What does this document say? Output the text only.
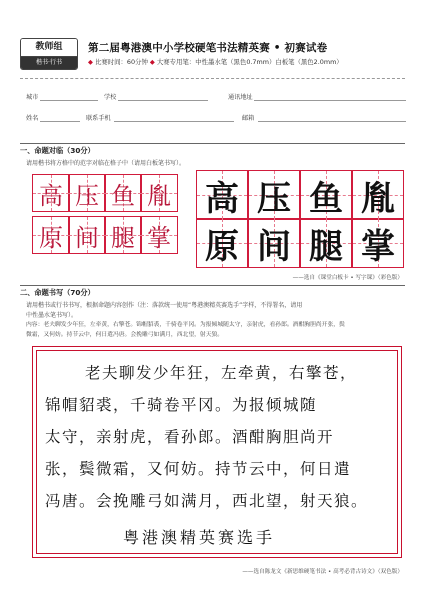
教师组
楷书·行书
第二届粤港澳中小学校硬笔书法精英赛 • 初赛试卷
◆ 比赛时间：60分钟 ◆ 大赛专用笔：中性墨水笔（黑色0.7mm）白板笔（黑色2.0mm）
城市	学校	通讯地址
姓名	联系手机	邮箱
一、命题对临（30分）
请用楷书将方格中的范字对临在格子中（请用白板笔书写）。
高 压 鱼 胤
原 间 腿 掌
高 压 鱼 胤
原 间 腿 掌
——选自《课堂白板卡 • 写字课》（彩色版）
二、命题书写（70分）
请用楷书或行书书写，根据命题内容创作（注：落款统一使用“粤港澳精英赛选手”字样，不得署名，请用
中性墨水笔书写）。
内容：老夫聊发少年狂，左牵黄，右擎苍。锦帽貂裘，千骑卷平冈。为报倾城随太守，亲射虎，看孙郎。酒酣胸胆尚开张，鬓
微霜，又何妨。持节云中，何日遣冯唐。会挽雕弓如满月，西北望，射天狼。
老夫聊发少年狂，左牵黄，右擎苍，
锦帽貂裘，千骑卷平冈。为报倾城随
太守，亲射虎，看孙郎。酒酣胸胆尚开
张，鬓微霜，又何妨。持节云中，何日遣
冯唐。会挽雕弓如满月，西北望，射天狼。
粤港澳精英赛选手
——选自陈龙文《新思维硬笔书法 • 高考必背古诗文》（双色版）
